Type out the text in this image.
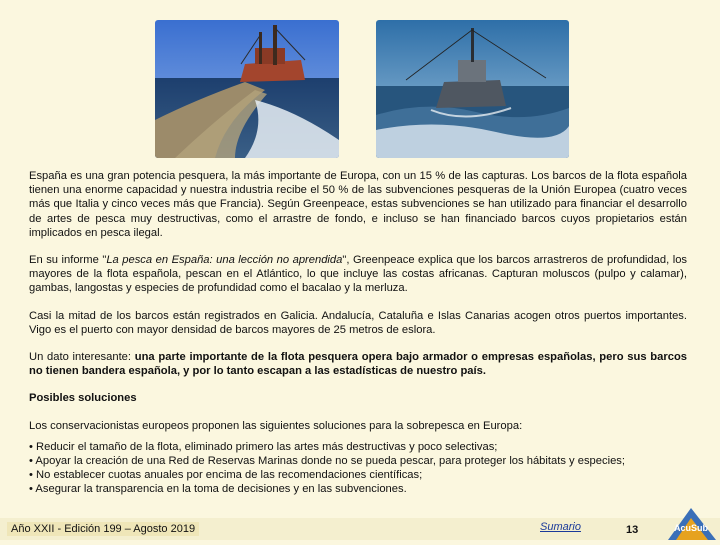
España es una gran potencia pesquera, la más importante de Europa, con un 15 % de las capturas. Los barcos de la flota española tienen una enorme capacidad y nuestra industria recibe el 50 % de las subvenciones pesqueras de la Unión Europea (cuatro veces más que Italia y cinco veces más que Francia). Según Greenpeace, estas subvenciones se han utilizado para financiar el desarrollo de artes de pesca muy destructivas, como el arrastre de fondo, e incluso se han financiado barcos cuyos propietarios están implicados en pesca ilegal.

En su informe "La pesca en España: una lección no aprendida", Greenpeace explica que los barcos arrastreros de profundidad, los mayores de la flota española, pescan en el Atlántico, lo que incluye las costas africanas. Capturan moluscos (pulpo y calamar), gambas, langostas y especies de profundidad como el bacalao y la merluza.

Casi la mitad de los barcos están registrados en Galicia. Andalucía, Cataluña e Islas Canarias acogen otros puertos importantes. Vigo es el puerto con mayor densidad de barcos mayores de 25 metros de eslora.

Un dato interesante: una parte importante de la flota pesquera opera bajo armador o empresas españolas, pero sus barcos no tienen bandera española, y por lo tanto escapan a las estadísticas de nuestro país.

Posibles soluciones

Los conservacionistas europeos proponen las siguientes soluciones para la sobrepesca en Europa:

• Reducir el tamaño de la flota, eliminado primero las artes más destructivas y poco selectivas;
• Apoyar la creación de una Red de Reservas Marinas donde no se pueda pescar, para proteger los hábitats y especies;
• No establecer cuotas anuales por encima de las recomendaciones científicas;
• Asegurar la transparencia en la toma de decisiones y en las subvenciones.
Año XXII - Edición 199 – Agosto 2019	Sumario	13	AcuSub
